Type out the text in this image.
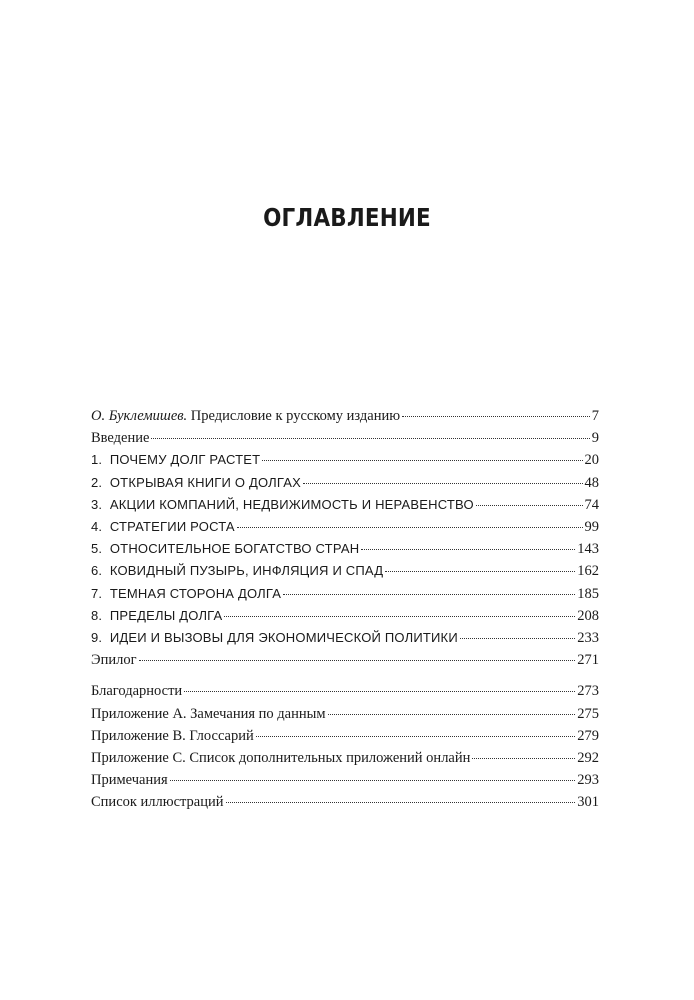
ОГЛАВЛЕНИЕ
О. Буклемишев. Предисловие к русскому изданию	7
Введение	9
1.  ПОЧЕМУ ДОЛГ РАСТЕТ	20
2.  ОТКРЫВАЯ КНИГИ О ДОЛГАХ	48
3.  АКЦИИ КОМПАНИЙ, НЕДВИЖИМОСТЬ И НЕРАВЕНСТВО	74
4.  СТРАТЕГИИ РОСТА	99
5.  ОТНОСИТЕЛЬНОЕ БОГАТСТВО СТРАН	143
6.  КОВИДНЫЙ ПУЗЫРЬ, ИНФЛЯЦИЯ И СПАД	162
7.  ТЕМНАЯ СТОРОНА ДОЛГА	185
8.  ПРЕДЕЛЫ ДОЛГА	208
9.  ИДЕИ И ВЫЗОВЫ ДЛЯ ЭКОНОМИЧЕСКОЙ ПОЛИТИКИ	233
Эпилог	271
Благодарности	273
Приложение А. Замечания по данным	275
Приложение B. Глоссарий	279
Приложение С. Список дополнительных приложений онлайн	292
Примечания	293
Список иллюстраций	301
